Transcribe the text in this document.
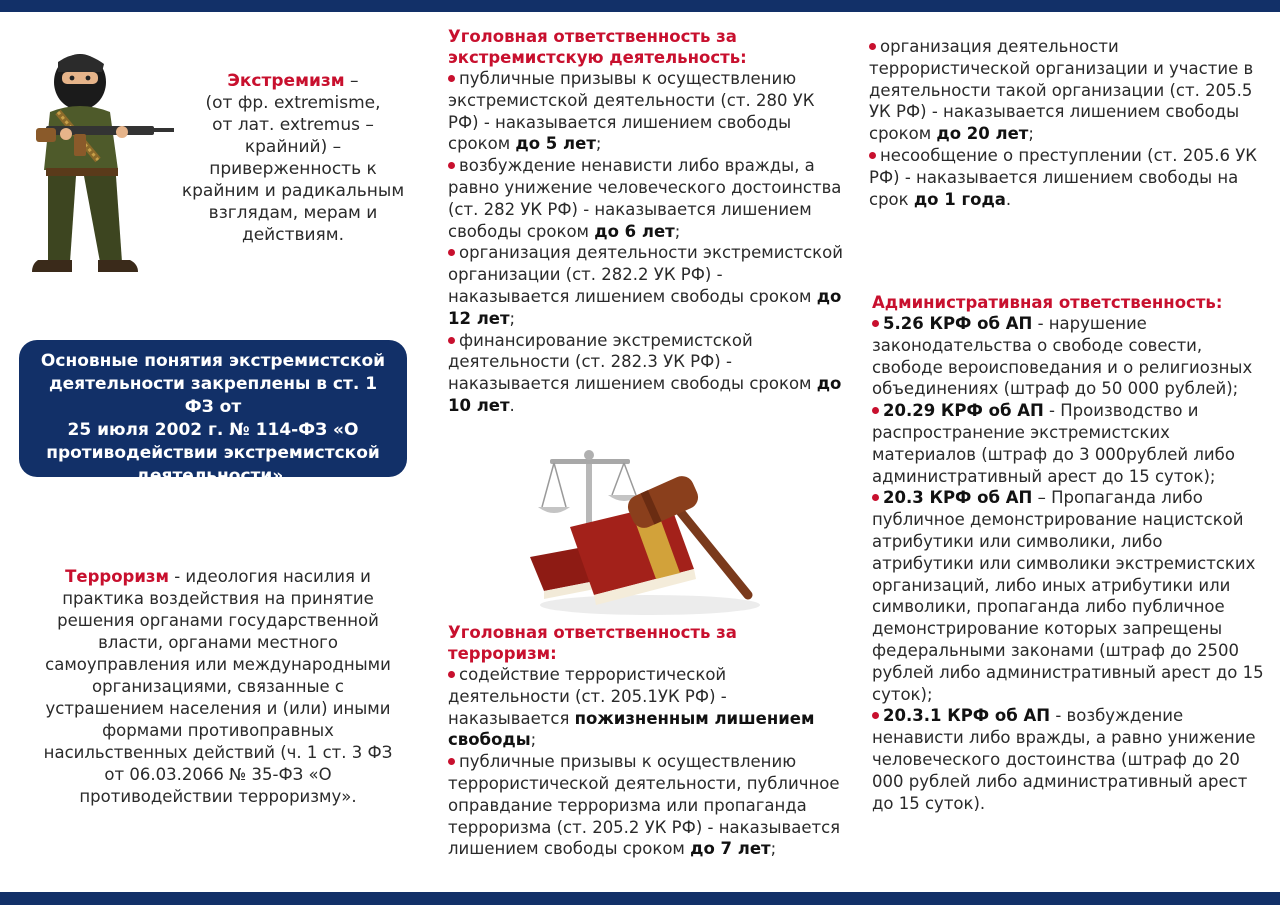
Экстремизм –

(от фр. extremisme,

от лат. extremus –

крайний) –

приверженность к

крайним и радикальным

взглядам, мерам и

действиям.

Основные понятия экстремистской

деятельности закреплены в ст. 1 ФЗ от

25 июля 2002 г. № 114-ФЗ «О

противодействии экстремистской

деятельности».

Терроризм - идеология насилия и

практика воздействия на принятие

решения органами государственной

власти, органами местного

самоуправления или международными

организациями, связанные с

устрашением населения и (или) иными

формами противоправных

насильственных действий (ч. 1 ст. 3 ФЗ

от 06.03.2066 № 35-ФЗ «О

противодействии терроризму».

Уголовная ответственность за

экстремистскую деятельность:

публичные призывы к осуществлению экстремистской деятельности (ст. 280 УК РФ) - наказывается лишением свободы сроком до 5 лет;

возбуждение ненависти либо вражды, а равно унижение человеческого достоинства (ст. 282 УК РФ) - наказывается лишением свободы сроком до 6 лет;

организация деятельности экстремистской организации (ст. 282.2 УК РФ) - наказывается лишением свободы сроком до 12 лет;

финансирование экстремистской деятельности (ст. 282.3 УК РФ) - наказывается лишением свободы сроком до 10 лет.

Уголовная ответственность за

терроризм:

содействие террористической деятельности (ст. 205.1УК РФ) - наказывается пожизненным лишением свободы;

публичные призывы к осуществлению террористической деятельности, публичное оправдание терроризма или пропаганда терроризма (ст. 205.2 УК РФ) - наказывается лишением свободы сроком до 7 лет;

организация деятельности террористической организации и участие в деятельности такой организации (ст. 205.5 УК РФ) - наказывается лишением свободы сроком до 20 лет;

несообщение о преступлении (ст. 205.6 УК РФ) - наказывается лишением свободы на срок до 1 года.

Административная ответственность:

5.26 КРФ об АП - нарушение законодательства о свободе совести, свободе вероисповедания и о религиозных объединениях (штраф до 50 000 рублей);

20.29 КРФ об АП - Производство и распространение экстремистских материалов (штраф до 3 000рублей либо административный арест до 15 суток);

20.3 КРФ об АП – Пропаганда либо публичное демонстрирование нацистской атрибутики или символики, либо атрибутики или символики экстремистских организаций, либо иных атрибутики или символики, пропаганда либо публичное демонстрирование которых запрещены федеральными законами (штраф до 2500 рублей либо административный арест до 15 суток);

20.3.1 КРФ об АП - возбуждение ненависти либо вражды, а равно унижение человеческого достоинства (штраф до 20 000 рублей либо административный арест до 15 суток).
